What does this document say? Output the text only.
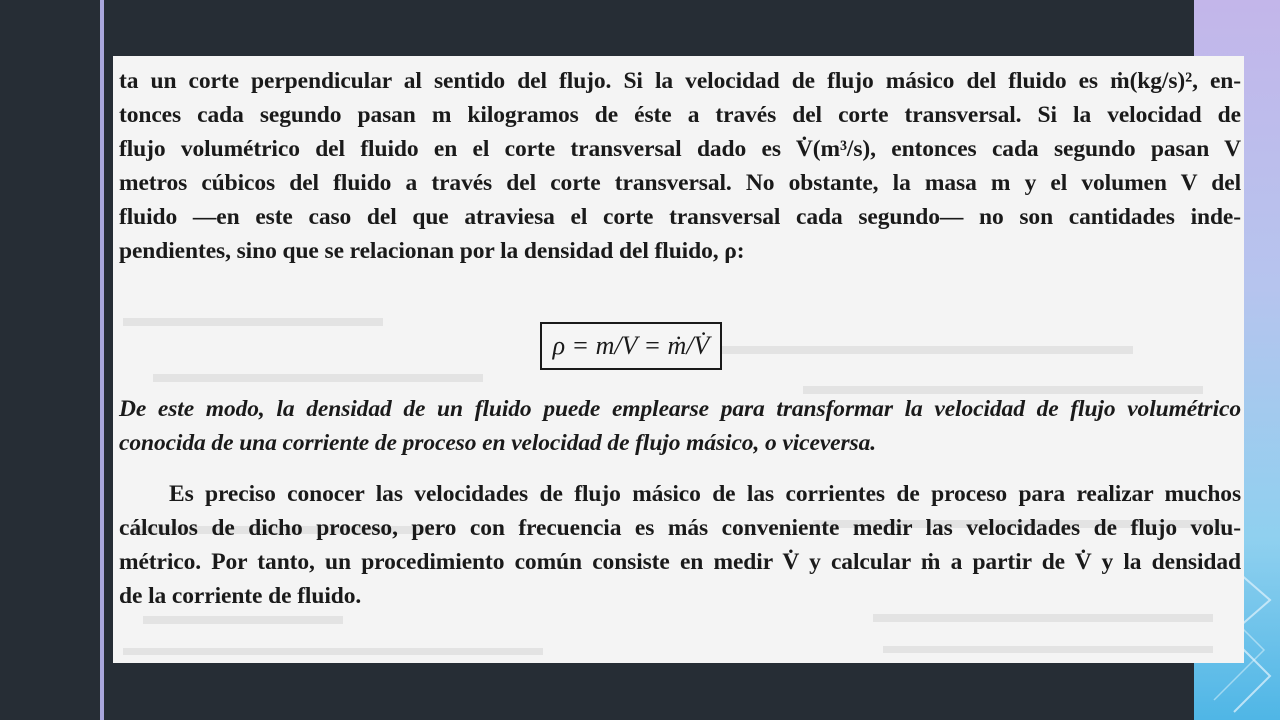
ta un corte perpendicular al sentido del flujo. Si la velocidad de flujo másico del fluido es ṁ(kg/s)², en-
tonces cada segundo pasan m kilogramos de éste a través del corte transversal. Si la velocidad de
flujo volumétrico del fluido en el corte transversal dado es V̇(m³/s), entonces cada segundo pasan V
metros cúbicos del fluido a través del corte transversal. No obstante, la masa m y el volumen V del
fluido —en este caso del que atraviesa el corte transversal cada segundo— no son cantidades inde-
pendientes, sino que se relacionan por la densidad del fluido, ρ:
ρ = m/V = ṁ/V̇
De este modo, la densidad de un fluido puede emplearse para transformar la velocidad de flujo volumétrico
conocida de una corriente de proceso en velocidad de flujo másico, o viceversa.
Es preciso conocer las velocidades de flujo másico de las corrientes de proceso para realizar muchos
cálculos de dicho proceso, pero con frecuencia es más conveniente medir las velocidades de flujo volu-
métrico. Por tanto, un procedimiento común consiste en medir V̇ y calcular ṁ a partir de V̇ y la densidad
de la corriente de fluido.
